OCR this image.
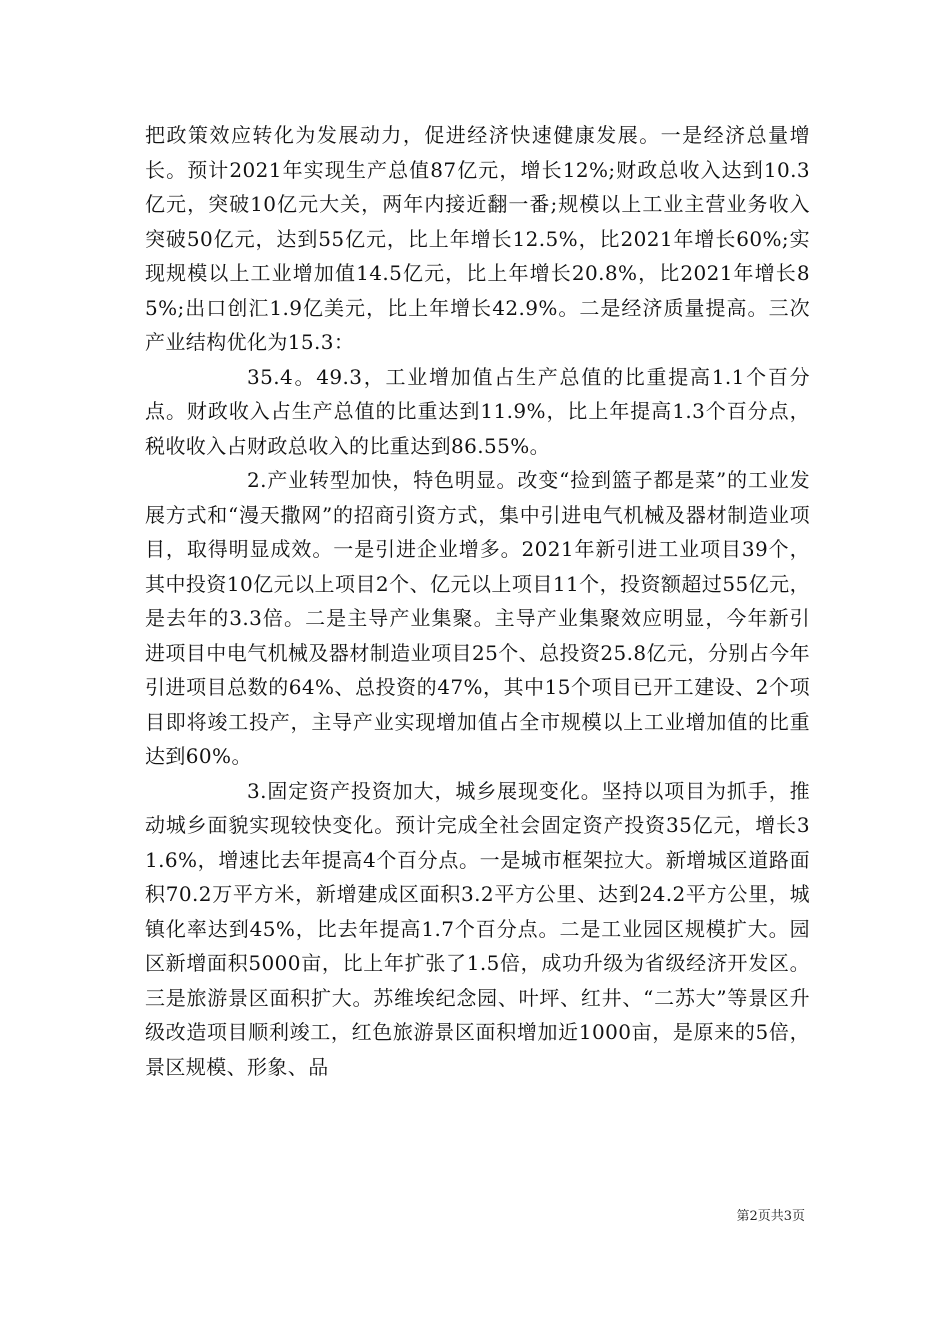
把政策效应转化为发展动力，促进经济快速健康发展。一是经济总量增长。预计2021年实现生产总值87亿元，增长12%;财政总收入达到10.3亿元，突破10亿元大关，两年内接近翻一番;规模以上工业主营业务收入突破50亿元，达到55亿元，比上年增长12.5%，比2021年增长60%;实现规模以上工业增加值14.5亿元，比上年增长20.8%，比2021年增长85%;出口创汇1.9亿美元，比上年增长42.9%。二是经济质量提高。三次产业结构优化为15.3：

35.4。49.3，工业增加值占生产总值的比重提高1.1个百分点。财政收入占生产总值的比重达到11.9%，比上年提高1.3个百分点，税收收入占财政总收入的比重达到86.55%。

2.产业转型加快，特色明显。改变“捡到篮子都是菜”的工业发展方式和“漫天撒网”的招商引资方式，集中引进电气机械及器材制造业项目，取得明显成效。一是引进企业增多。2021年新引进工业项目39个，其中投资10亿元以上项目2个、亿元以上项目11个，投资额超过55亿元，是去年的3.3倍。二是主导产业集聚。主导产业集聚效应明显，今年新引进项目中电气机械及器材制造业项目25个、总投资25.8亿元，分别占今年引进项目总数的64%、总投资的47%，其中15个项目已开工建设、2个项目即将竣工投产，主导产业实现增加值占全市规模以上工业增加值的比重达到60%。

3.固定资产投资加大，城乡展现变化。坚持以项目为抓手，推动城乡面貌实现较快变化。预计完成全社会固定资产投资35亿元，增长31.6%，增速比去年提高4个百分点。一是城市框架拉大。新增城区道路面积70.2万平方米，新增建成区面积3.2平方公里、达到24.2平方公里，城镇化率达到45%，比去年提高1.7个百分点。二是工业园区规模扩大。园区新增面积5000亩，比上年扩张了1.5倍，成功升级为省级经济开发区。三是旅游景区面积扩大。苏维埃纪念园、叶坪、红井、“二苏大”等景区升级改造项目顺利竣工，红色旅游景区面积增加近1000亩，是原来的5倍，景区规模、形象、品

第2页共3页
